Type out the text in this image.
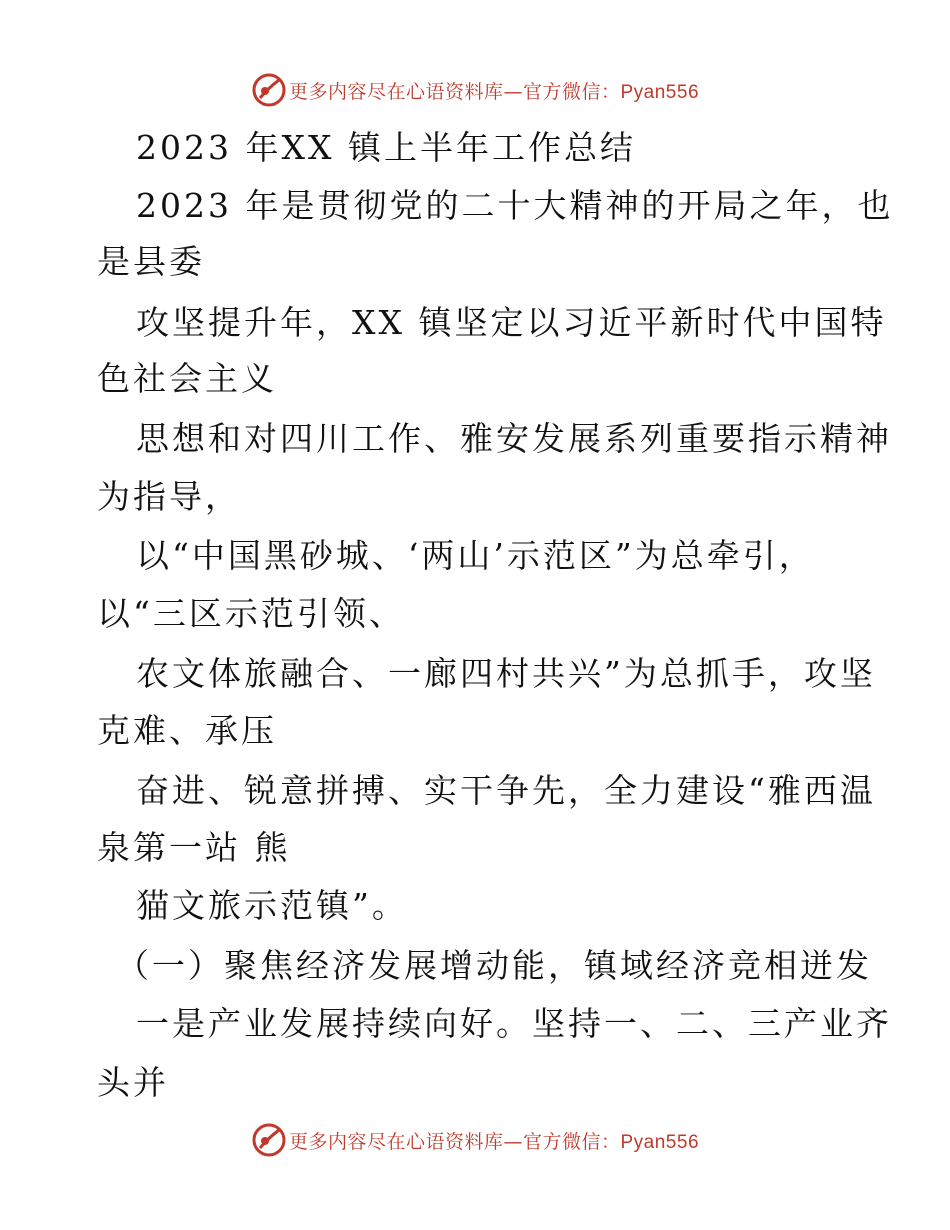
更多内容尽在心语资料库—官方微信：Pyan556
2023 年XX 镇上半年工作总结
2023 年是贯彻党的二十大精神的开局之年，也
是县委
攻坚提升年，XX 镇坚定以习近平新时代中国特
色社会主义
思想和对四川工作、雅安发展系列重要指示精神
为指导，
以“中国黑砂城、‘两山’示范区”为总牵引，
以“三区示范引领、
农文体旅融合、一廊四村共兴”为总抓手，攻坚
克难、承压
奋进、锐意拼搏、实干争先，全力建设“雅西温
泉第一站 熊
猫文旅示范镇”。
（一）聚焦经济发展增动能，镇域经济竞相迸发
一是产业发展持续向好。坚持一、二、三产业齐
头并
更多内容尽在心语资料库—官方微信：Pyan556
